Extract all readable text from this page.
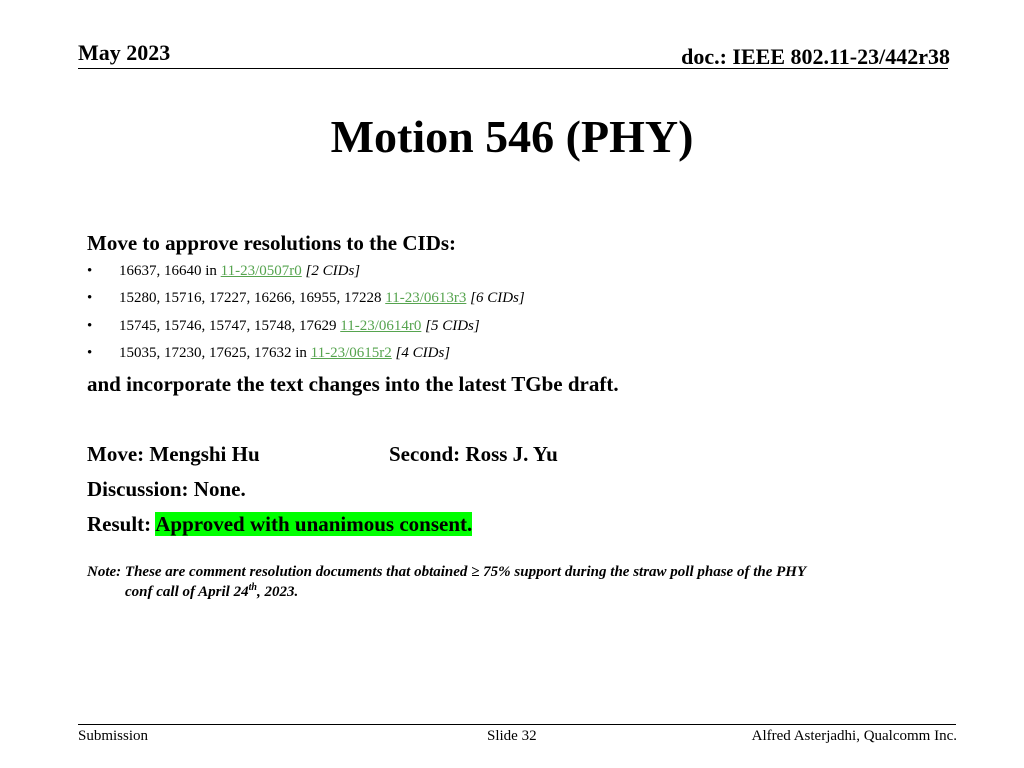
May 2023	doc.: IEEE 802.11-23/442r38
Motion 546 (PHY)
Move to approve resolutions to the CIDs:
• 16637, 16640 in 11-23/0507r0 [2 CIDs]
• 15280, 15716, 17227, 16266, 16955, 17228 11-23/0613r3 [6 CIDs]
• 15745, 15746, 15747, 15748, 17629 11-23/0614r0 [5 CIDs]
• 15035, 17230, 17625, 17632 in 11-23/0615r2 [4 CIDs]
and incorporate the text changes into the latest TGbe draft.
Move: Mengshi Hu	Second: Ross J. Yu
Discussion: None.
Result: Approved with unanimous consent.
Note: These are comment resolution documents that obtained ≥ 75% support during the straw poll phase of the PHY
conf call of April 24th, 2023.
Submission	Slide 32	Alfred Asterjadhi, Qualcomm Inc.
